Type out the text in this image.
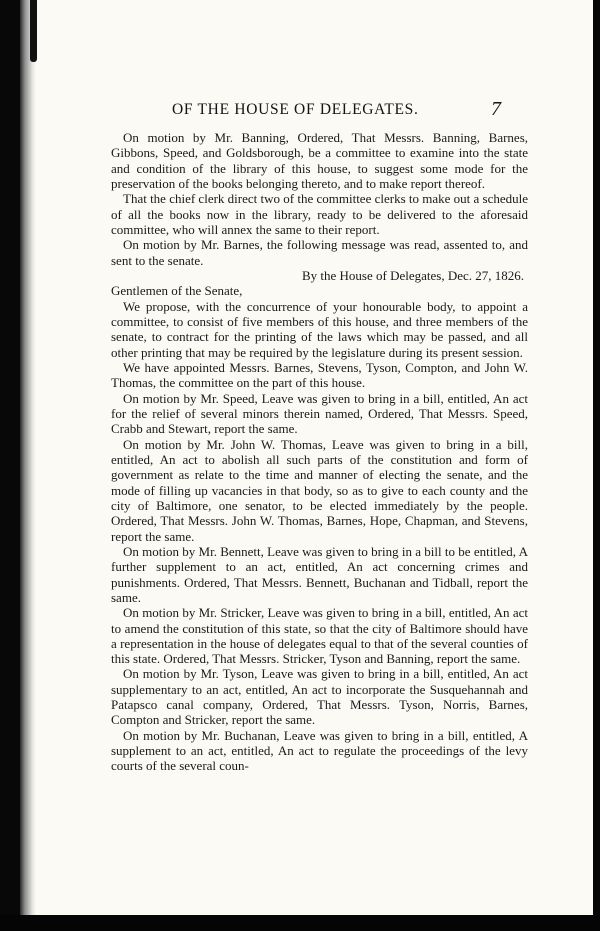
OF THE HOUSE OF DELEGATES.	7

On motion by Mr. Banning, Ordered, That Messrs. Banning, Barnes, Gibbons, Speed, and Goldsborough, be a committee to examine into the state and condition of the library of this house, to suggest some mode for the preservation of the books belonging thereto, and to make report thereof.

That the chief clerk direct two of the committee clerks to make out a schedule of all the books now in the library, ready to be delivered to the aforesaid committee, who will annex the same to their report.

On motion by Mr. Barnes, the following message was read, assented to, and sent to the senate.

By the House of Delegates, Dec. 27, 1826.

Gentlemen of the Senate,

We propose, with the concurrence of your honourable body, to appoint a committee, to consist of five members of this house, and three members of the senate, to contract for the printing of the laws which may be passed, and all other printing that may be required by the legislature during its present session.

We have appointed Messrs. Barnes, Stevens, Tyson, Compton, and John W. Thomas, the committee on the part of this house.

On motion by Mr. Speed, Leave was given to bring in a bill, entitled, An act for the relief of several minors therein named, Ordered, That Messrs. Speed, Crabb and Stewart, report the same.

On motion by Mr. John W. Thomas, Leave was given to bring in a bill, entitled, An act to abolish all such parts of the constitution and form of government as relate to the time and manner of electing the senate, and the mode of filling up vacancies in that body, so as to give to each county and the city of Baltimore, one senator, to be elected immediately by the people. Ordered, That Messrs. John W. Thomas, Barnes, Hope, Chapman, and Stevens, report the same.

On motion by Mr. Bennett, Leave was given to bring in a bill to be entitled, A further supplement to an act, entitled, An act concerning crimes and punishments. Ordered, That Messrs. Bennett, Buchanan and Tidball, report the same.

On motion by Mr. Stricker, Leave was given to bring in a bill, entitled, An act to amend the constitution of this state, so that the city of Baltimore should have a representation in the house of delegates equal to that of the several counties of this state. Ordered, That Messrs. Stricker, Tyson and Banning, report the same.

On motion by Mr. Tyson, Leave was given to bring in a bill, entitled, An act supplementary to an act, entitled, An act to incorporate the Susquehannah and Patapsco canal company, Ordered, That Messrs. Tyson, Norris, Barnes, Compton and Stricker, report the same.

On motion by Mr. Buchanan, Leave was given to bring in a bill, entitled, A supplement to an act, entitled, An act to regulate the proceedings of the levy courts of the several coun-
